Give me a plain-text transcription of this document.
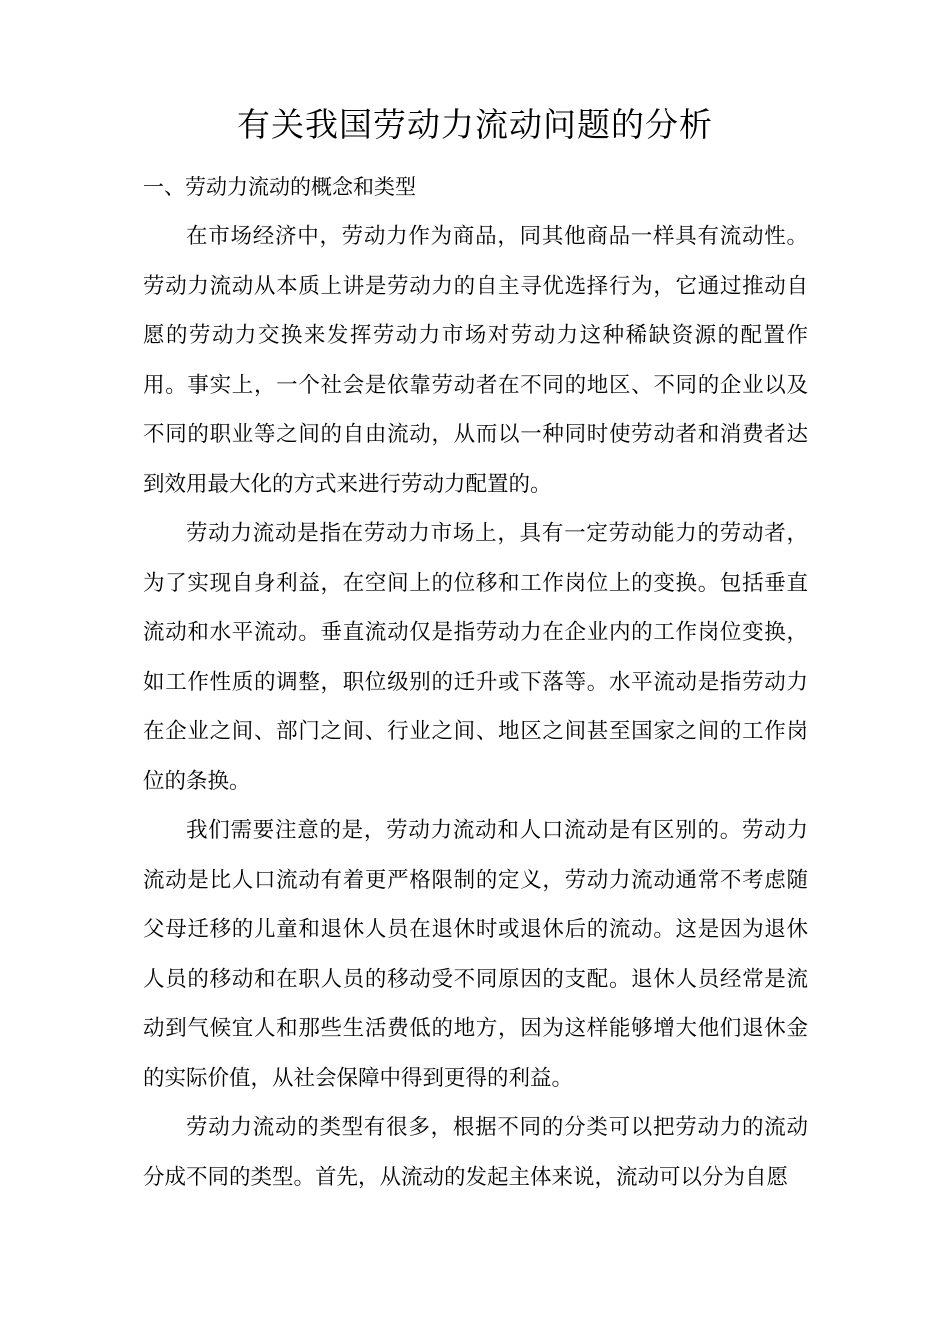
有关我国劳动力流动问题的分析
一、劳动力流动的概念和类型

在市场经济中，劳动力作为商品，同其他商品一样具有流动性。劳动力流动从本质上讲是劳动力的自主寻优选择行为，它通过推动自愿的劳动力交换来发挥劳动力市场对劳动力这种稀缺资源的配置作用。事实上，一个社会是依靠劳动者在不同的地区、不同的企业以及不同的职业等之间的自由流动，从而以一种同时使劳动者和消费者达到效用最大化的方式来进行劳动力配置的。

劳动力流动是指在劳动力市场上，具有一定劳动能力的劳动者，为了实现自身利益，在空间上的位移和工作岗位上的变换。包括垂直流动和水平流动。垂直流动仅是指劳动力在企业内的工作岗位变换，如工作性质的调整，职位级别的迁升或下落等。水平流动是指劳动力在企业之间、部门之间、行业之间、地区之间甚至国家之间的工作岗位的条换。

我们需要注意的是，劳动力流动和人口流动是有区别的。劳动力流动是比人口流动有着更严格限制的定义，劳动力流动通常不考虑随父母迁移的儿童和退休人员在退休时或退休后的流动。这是因为退休人员的移动和在职人员的移动受不同原因的支配。退休人员经常是流动到气候宜人和那些生活费低的地方，因为这样能够增大他们退休金的实际价值，从社会保障中得到更得的利益。

劳动力流动的类型有很多，根据不同的分类可以把劳动力的流动分成不同的类型。首先，从流动的发起主体来说，流动可以分为自愿
